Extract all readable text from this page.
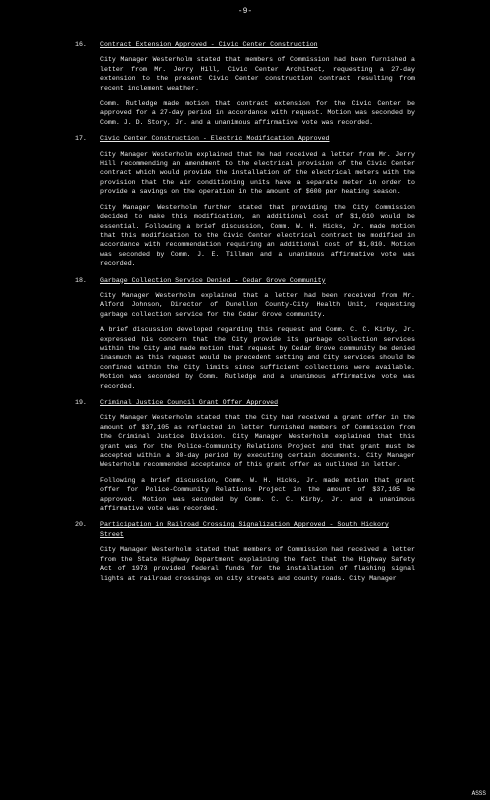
-9-
16. Contract Extension Approved - Civic Center Construction
City Manager Westerholm stated that members of Commission had been furnished a letter from Mr. Jerry Hill, Civic Center Architect, requesting a 27-day extension to the present Civic Center construction contract resulting from recent inclement weather.
Comm. Rutledge made motion that contract extension for the Civic Center be approved for a 27-day period in accordance with request. Motion was seconded by Comm. J. D. Story, Jr. and a unanimous affirmative vote was recorded.
17. Civic Center Construction - Electric Modification Approved
City Manager Westerholm explained that he had received a letter from Mr. Jerry Hill recommending an amendment to the electrical provision of the Civic Center contract which would provide the installation of the electrical meters with the provision that the air conditioning units have a separate meter in order to provide a savings on the operation in the amount of $600 per heating season.
City Manager Westerholm further stated that providing the City Commission decided to make this modification, an additional cost of $1,010 would be essential. Following a brief discussion, Comm. W. H. Hicks, Jr. made motion that this modification to the Civic Center electrical contract be modified in accordance with recommendation requiring an additional cost of $1,010. Motion was seconded by Comm. J. E. Tillman and a unanimous affirmative vote was recorded.
18. Garbage Collection Service Denied - Cedar Grove Community
City Manager Westerholm explained that a letter had been received from Mr. Alford Johnson, Director of Dunellon County-City Health Unit, requesting garbage collection service for the Cedar Grove community.
A brief discussion developed regarding this request and Comm. C. C. Kirby, Jr. expressed his concern that the City provide its garbage collection services within the City and made motion that request by Cedar Grove community be denied inasmuch as this request would be precedent setting and City services should be confined within the City limits since sufficient collections were available. Motion was seconded by Comm. Rutledge and a unanimous affirmative vote was recorded.
19. Criminal Justice Council Grant Offer Approved
City Manager Westerholm stated that the City had received a grant offer in the amount of $37,105 as reflected in letter furnished members of Commission from the Criminal Justice Division. City Manager Westerholm explained that this grant was for the Police-Community Relations Project and that grant must be accepted within a 30-day period by executing certain documents. City Manager Westerholm recommended acceptance of this grant offer as outlined in letter.
Following a brief discussion, Comm. W. H. Hicks, Jr. made motion that grant offer for Police-Community Relations Project in the amount of $37,105 be approved. Motion was seconded by Comm. C. C. Kirby, Jr. and a unanimous affirmative vote was recorded.
20. Participation in Railroad Crossing Signalization Approved - South Hickory Street
City Manager Westerholm stated that members of Commission had received a letter from the State Highway Department explaining the fact that the Highway Safety Act of 1973 provided federal funds for the installation of flashing signal lights at railroad crossings on city streets and county roads. City Manager
ASSS
